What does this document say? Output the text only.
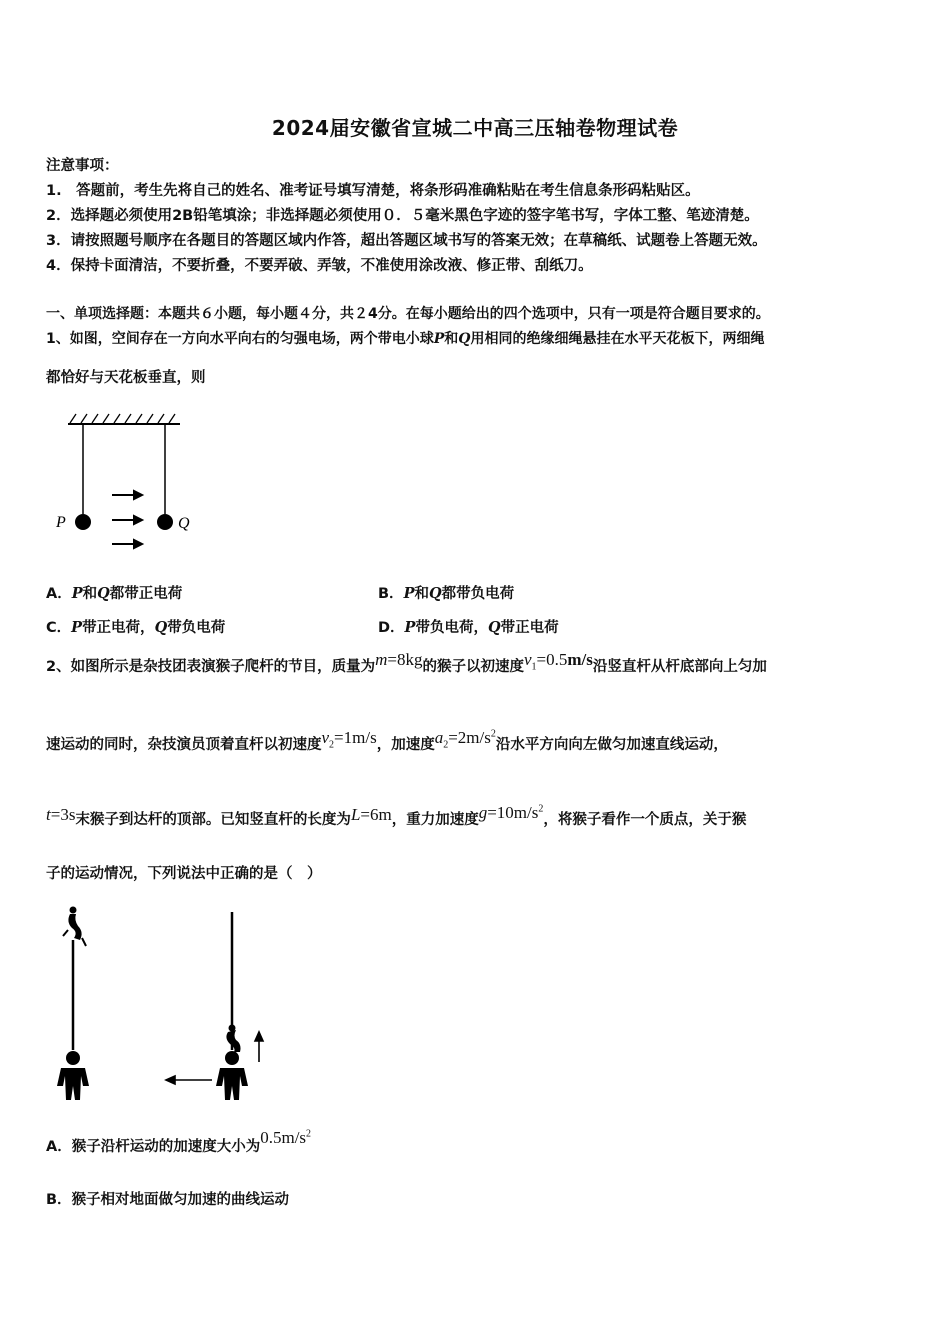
2024届安徽省宣城二中高三压轴卷物理试卷
注意事项：
1.　答题前，考生先将自己的姓名、准考证号填写清楚，将条形码准确粘贴在考生信息条形码粘贴区。
2．选择题必须使用2B铅笔填涂；非选择题必须使用０．５毫米黑色字迹的签字笔书写，字体工整、笔迹清楚。
3．请按照题号顺序在各题目的答题区域内作答，超出答题区域书写的答案无效；在草稿纸、试题卷上答题无效。
4．保持卡面清洁，不要折叠，不要弄破、弄皱，不准使用涂改液、修正带、刮纸刀。
一、单项选择题：本题共６小题，每小题４分，共２4分。在每小题给出的四个选项中，只有一项是符合题目要求的。
1、如图，空间存在一方向水平向右的匀强电场，两个带电小球P和Q用相同的绝缘细绳悬挂在水平天花板下，两细绳
都恰好与天花板垂直，则
P	Q
A．P和Q都带正电荷	B．P和Q都带负电荷
C．P带正电荷，Q带负电荷	D．P带负电荷，Q带正电荷
2、如图所示是杂技团表演猴子爬杆的节目，质量为m=8kg的猴子以初速度$v_1=0.5m/s$沿竖直杆从杆底部向上匀加
速运动的同时，杂技演员顶着直杆以初速度$v_2=1m/s$，加速度$a_2=2m/s^2$沿水平方向向左做匀加速直线运动，
t=3s末猴子到达杆的顶部。已知竖直杆的长度为L=6m，重力加速度$g=10m/s^2$，将猴子看作一个质点，关于猴
子的运动情况，下列说法中正确的是（　）
A．猴子沿杆运动的加速度大小为$0.5m/s^2$
B．猴子相对地面做匀加速的曲线运动
